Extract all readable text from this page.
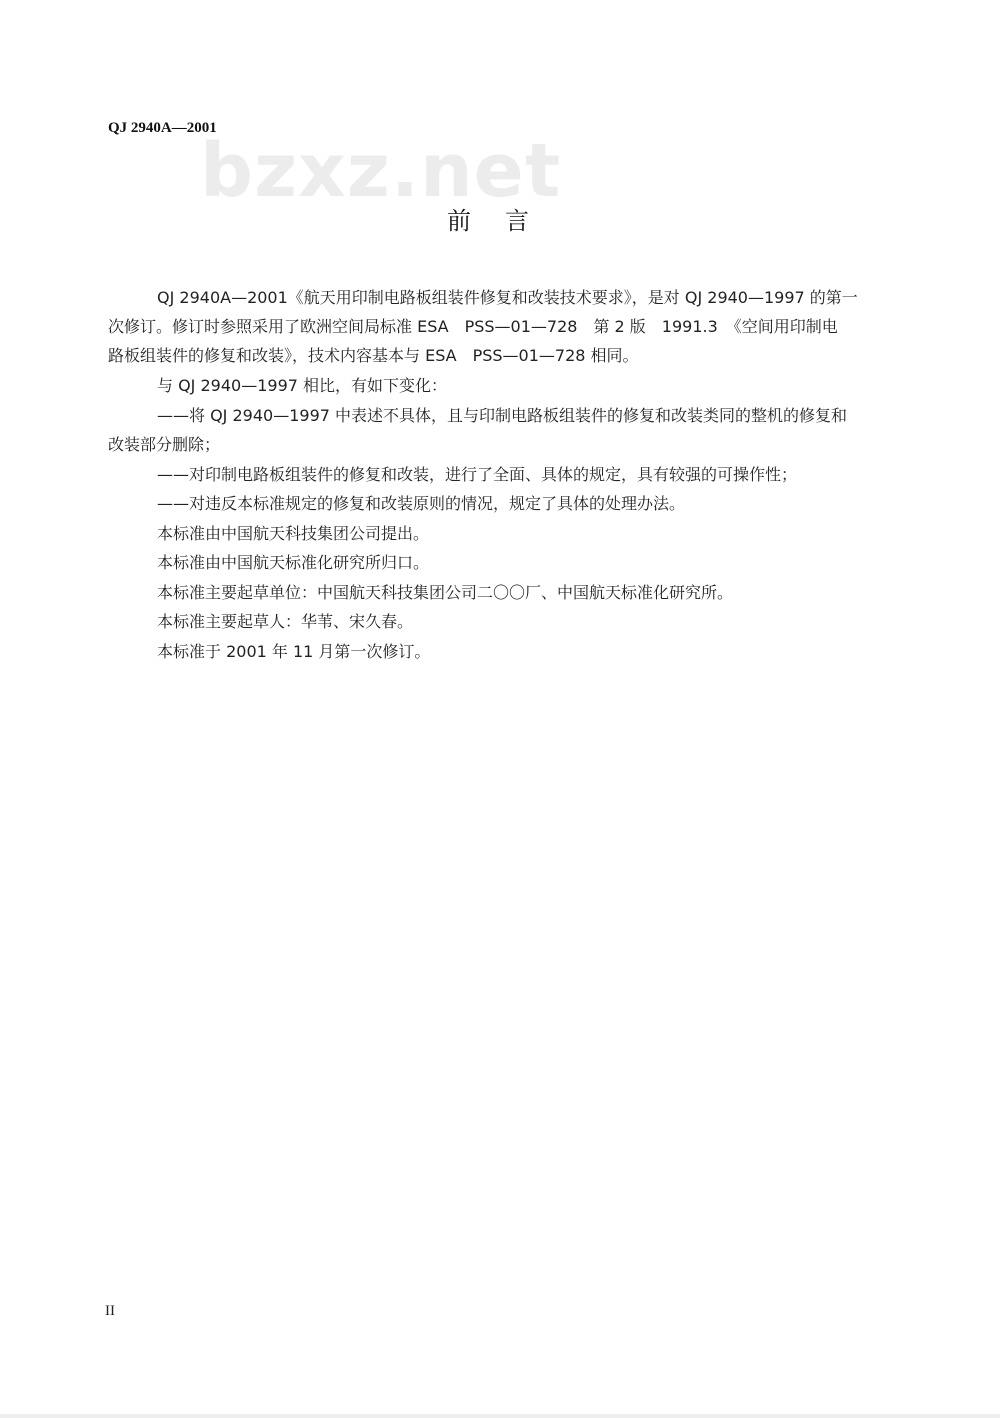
QJ 2940A—2001
bzxz.net
前言
QJ 2940A—2001《航天用印制电路板组装件修复和改装技术要求》，是对 QJ 2940—1997 的第一
次修订。修订时参照采用了欧洲空间局标准 ESA　PSS—01—728　第 2 版　1991.3　《空间用印制电
路板组装件的修复和改装》，技术内容基本与 ESA　PSS—01—728 相同。
与 QJ 2940—1997 相比，有如下变化：
——将 QJ 2940—1997 中表述不具体，且与印制电路板组装件的修复和改装类同的整机的修复和
改装部分删除；
——对印制电路板组装件的修复和改装，进行了全面、具体的规定，具有较强的可操作性；
——对违反本标准规定的修复和改装原则的情况，规定了具体的处理办法。
本标准由中国航天科技集团公司提出。
本标准由中国航天标准化研究所归口。
本标准主要起草单位：中国航天科技集团公司二〇〇厂、中国航天标准化研究所。
本标准主要起草人：华苇、宋久春。
本标准于 2001 年 11 月第一次修订。
II
